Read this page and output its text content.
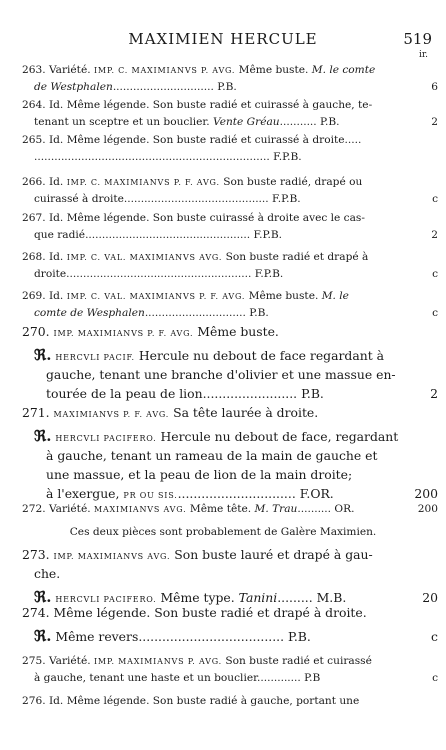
MAXIMIEN HERCULE	519
ir.
263. Variété. IMP. C. MAXIMIANVS P. AVG. Même buste. M. le comte
de Westphalen.............................. P.B.	6
264. Id. Même légende. Son buste radié et cuirassé à gauche, te-
tenant un sceptre et un bouclier. Vente Gréau........... P.B.	2
265. Id. Même légende. Son buste radié et cuirassé à droite.....
...................................................................... F.P.B.
266. Id. IMP. C. MAXIMIANVS P. F. AVG. Son buste radié, drapé ou
cuirassé à droite........................................... F.P.B.	c
267. Id. Même légende. Son buste cuirassé à droite avec le cas-
que radié................................................. F.P.B.	2
268. Id. IMP. C. VAL. MAXIMIANVS AVG. Son buste radié et drapé à
droite....................................................... F.P.B.	c
269. Id. IMP. C. VAL. MAXIMIANVS P. F. AVG. Même buste. M. le
comte de Wesphalen.............................. P.B.	c
270. IMP. MAXIMIANVS P. F. AVG. Même buste.
ℜ. HERCVLI PACIF. Hercule nu debout de face regardant à
gauche, tenant une branche d'olivier et une massue en-
tourée de la peau de lion........................ P.B.	2
271. MAXIMIANVS P. F. AVG. Sa tête laurée à droite.
ℜ. HERCVLI PACIFERO. Hercule nu debout de face, regardant
à gauche, tenant un rameau de la main de gauche et
une massue, et la peau de lion de la main droite;
à l'exergue, PR OU SIS............................... F.OR.	200
272. Variété. MAXIMIANVS AVG. Même tête. M. Trau.......... OR.	200
Ces deux pièces sont probablement de Galère Maximien.
273. IMP. MAXIMIANVS AVG. Son buste lauré et drapé à gau-
che.
ℜ. HERCVLI PACIFERO. Même type. Tanini......... M.B.	20
274. Même légende. Son buste radié et drapé à droite.
ℜ. Même revers..................................... P.B.	c
275. Variété. IMP. MAXIMIANVS P. AVG. Son buste radié et cuirassé
à gauche, tenant une haste et un bouclier............. P.B	c
276. Id. Même légende. Son buste radié à gauche, portant une
